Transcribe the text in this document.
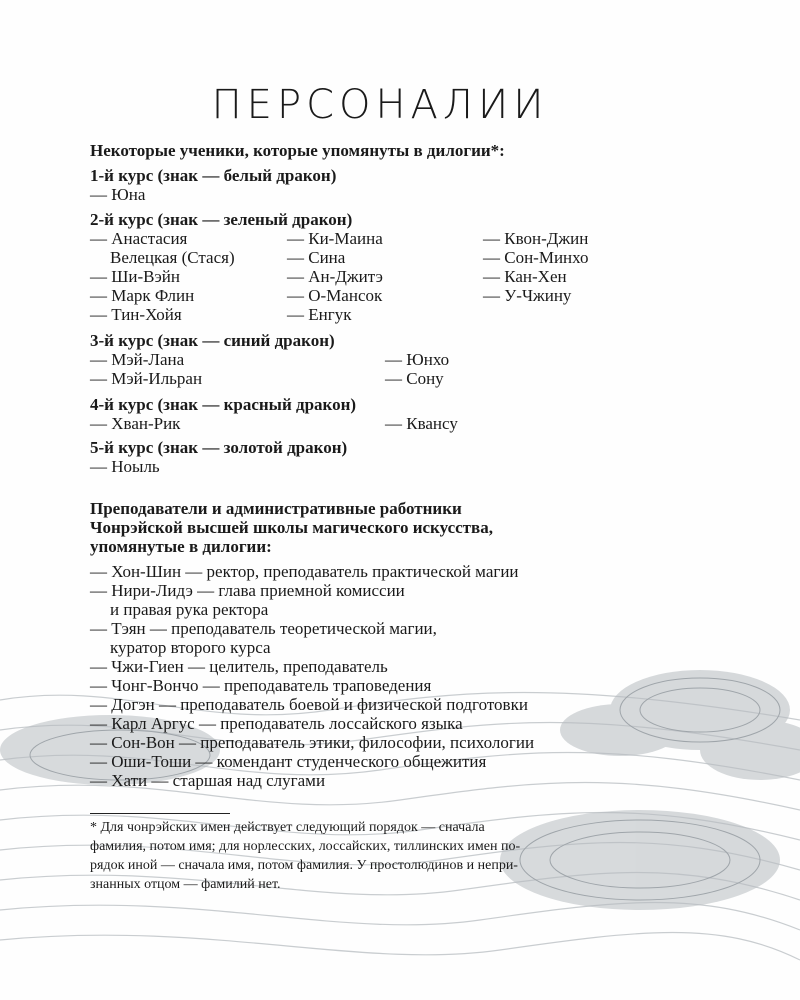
ПЕРСОНАЛИИ
Некоторые ученики, которые упомянуты в дилогии*:
1-й курс (знак — белый дракон)
— Юна
2-й курс (знак — зеленый дракон)
— Анастасия
Велецкая (Стася)
— Ши-Вэйн
— Марк Флин
— Тин-Хойя
— Ки-Маина
— Сина
— Ан-Джитэ
— О-Мансок
— Енгук
— Квон-Джин
— Сон-Минхо
— Кан-Хен
— У-Чжину
3-й курс (знак — синий дракон)
— Мэй-Лана
— Мэй-Ильран
— Юнхо
— Сону
4-й курс (знак — красный дракон)
— Хван-Рик	— Квансу
5-й курс (знак — золотой дракон)
— Ноыль
Преподаватели и административные работники
Чонрэйской высшей школы магического искусства,
упомянутые в дилогии:
— Хон-Шин — ректор, преподаватель практической магии
— Нири-Лидэ — глава приемной комиссии
и правая рука ректора
— Тэян — преподаватель теоретической магии,
куратор второго курса
— Чжи-Гиен — целитель, преподаватель
— Чонг-Вончо — преподаватель траповедения
— Догэн — преподаватель боевой и физической подготовки
— Карл Аргус — преподаватель лоссайского языка
— Сон-Вон — преподаватель этики, философии, психологии
— Оши-Тоши — комендант студенческого общежития
— Хати — старшая над слугами
* Для чонрэйских имен действует следующий порядок — сначала
фамилия, потом имя; для норлесских, лоссайских, тиллинских имен по-
рядок иной — сначала имя, потом фамилия. У простолюдинов и непри-
знанных отцом — фамилий нет.
